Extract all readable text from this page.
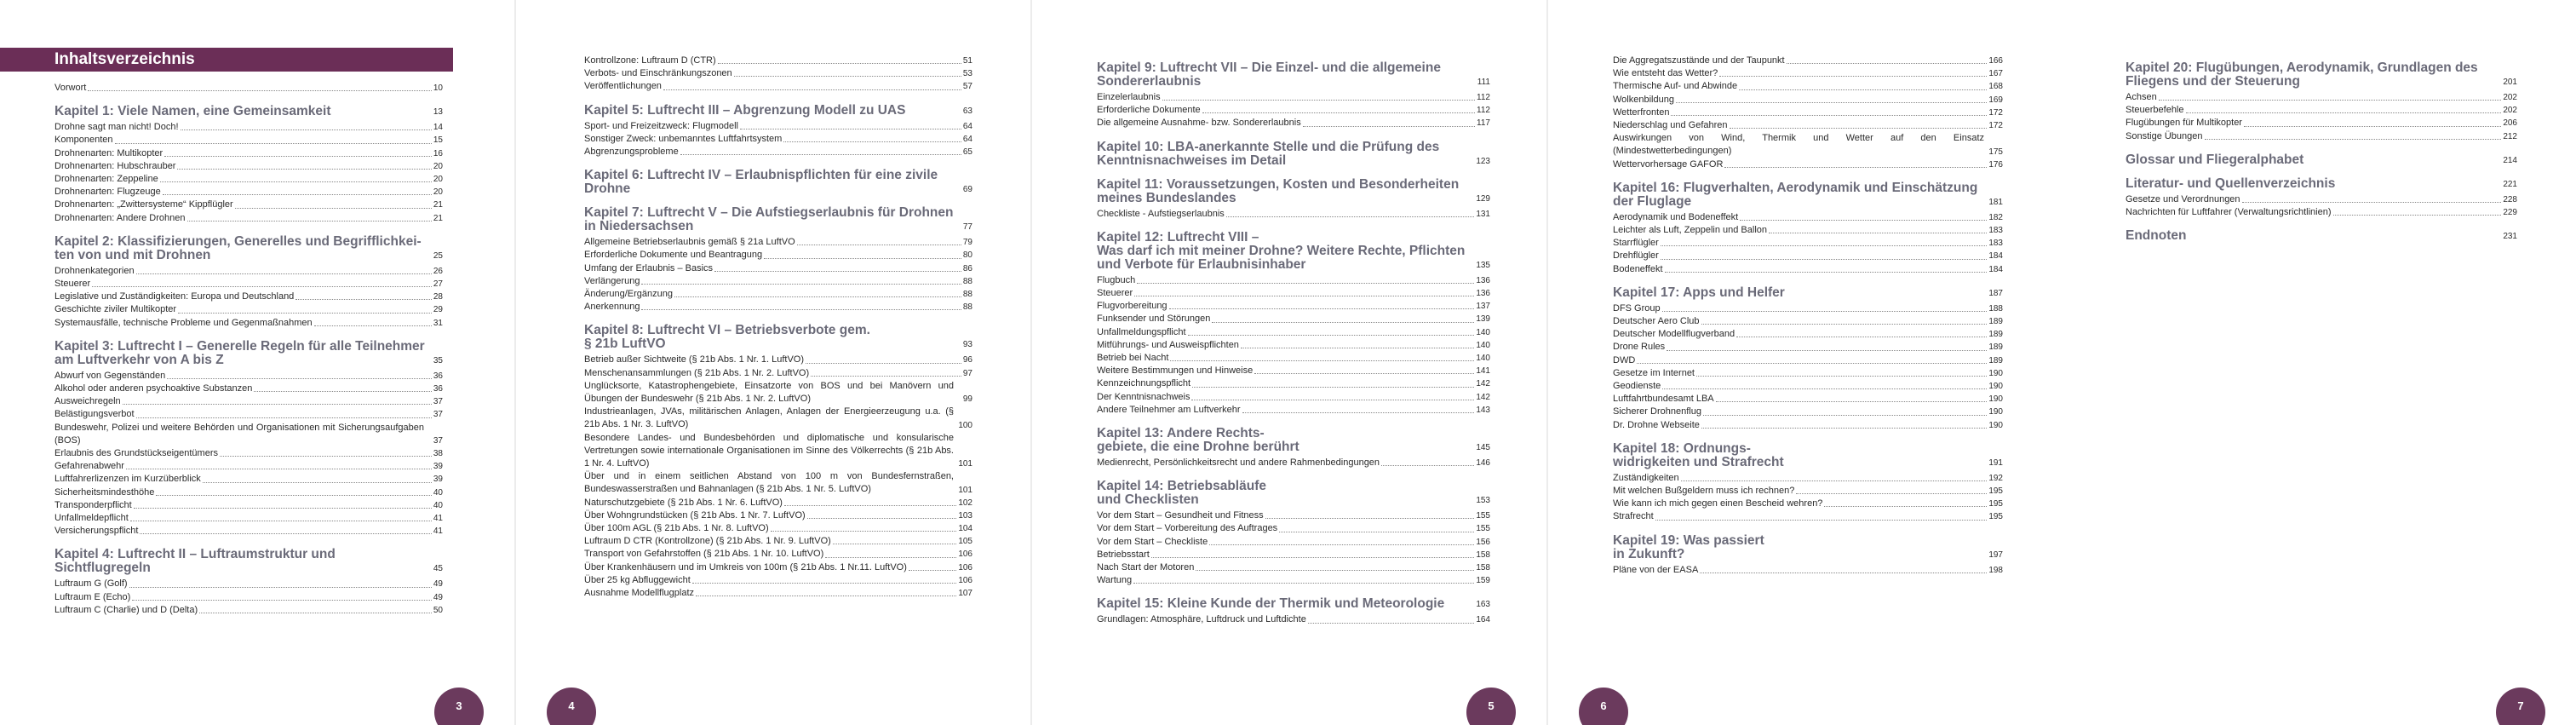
Inhaltsverzeichnis
Vorwort	10
Kapitel 1: Viele Namen, eine Gemeinsamkeit	13
Drohne sagt man nicht! Doch!	14
Komponenten	15
Drohnenarten: Multikopter	16
Drohnenarten: Hubschrauber	20
Drohnenarten: Zeppeline	20
Drohnenarten: Flugzeuge	20
Drohnenarten: „Zwittersysteme“ Kippflügler	21
Drohnenarten: Andere Drohnen	21
Kapitel 2: Klassifizierungen, Generelles und Begrifflichkei-
ten von und mit Drohnen	25
Drohnenkategorien	26
Steuerer	27
Legislative und Zuständigkeiten: Europa und Deutschland	28
Geschichte ziviler Multikopter	29
Systemausfälle, technische Probleme und Gegenmaßnahmen	31
Kapitel 3: Luftrecht I – Generelle Regeln für alle Teilnehmer
am Luftverkehr von A bis Z	35
Abwurf von Gegenständen	36
Alkohol oder anderen psychoaktive Substanzen	36
Ausweichregeln	37
Belästigungsverbot	37
Bundeswehr, Polizei und weitere Behörden und Organisationen mit Sicherungsaufgaben (BOS)	37
Erlaubnis des Grundstückseigentümers	38
Gefahrenabwehr	39
Luftfahrerlizenzen im Kurzüberblick	39
Sicherheitsmindesthöhe	40
Transponderpflicht	40
Unfallmeldepflicht	41
Versicherungspflicht	41
Kapitel 4: Luftrecht II – Luftraumstruktur und
Sichtflugregeln	45
Luftraum G (Golf)	49
Luftraum E (Echo)	49
Luftraum C (Charlie) und D (Delta)	50
3
Kontrollzone: Luftraum D (CTR)	51
Verbots- und Einschränkungszonen	53
Veröffentlichungen	57
Kapitel 5: Luftrecht III – Abgrenzung Modell zu UAS	63
Sport- und Freizeitzweck: Flugmodell	64
Sonstiger Zweck: unbemanntes Luftfahrtsystem	64
Abgrenzungsprobleme	65
Kapitel 6: Luftrecht IV – Erlaubnispflichten für eine zivile
Drohne	69
Kapitel 7: Luftrecht V – Die Aufstiegserlaubnis für Drohnen
in Niedersachsen	77
Allgemeine Betriebserlaubnis gemäß § 21a LuftVO	79
Erforderliche Dokumente und Beantragung	80
Umfang der Erlaubnis – Basics	86
Verlängerung	88
Änderung/Ergänzung	88
Anerkennung	88
Kapitel 8: Luftrecht VI – Betriebsverbote gem.
§ 21b LuftVO	93
Betrieb außer Sichtweite (§ 21b Abs. 1 Nr. 1. LuftVO)	96
Menschenansammlungen (§ 21b Abs. 1 Nr. 2. LuftVO)	97
Unglücksorte, Katastrophengebiete, Einsatzorte von BOS und bei Manövern und Übungen der Bundeswehr (§ 21b Abs. 1 Nr. 2. LuftVO)	99
Industrieanlagen, JVAs, militärischen Anlagen, Anlagen der Energieerzeugung u.a. (§ 21b Abs. 1 Nr. 3. LuftVO)	100
Besondere Landes- und Bundesbehörden und diplomatische und konsularische Vertretungen sowie internationale Organisationen im Sinne des Völkerrechts (§ 21b Abs. 1 Nr. 4. LuftVO)	101
Über und in einem seitlichen Abstand von 100 m von Bundesfernstraßen, Bundeswasserstraßen und Bahnanlagen (§ 21b Abs. 1 Nr. 5. LuftVO)	101
Naturschutzgebiete (§ 21b Abs. 1 Nr. 6. LuftVO)	102
Über Wohngrundstücken (§ 21b Abs. 1 Nr. 7. LuftVO)	103
Über 100m AGL (§ 21b Abs. 1 Nr. 8. LuftVO)	104
Luftraum D CTR (Kontrollzone) (§ 21b Abs. 1 Nr. 9. LuftVO)	105
Transport von Gefahrstoffen (§ 21b Abs. 1 Nr. 10. LuftVO)	106
Über Krankenhäusern und im Umkreis von 100m (§ 21b Abs. 1 Nr.11. LuftVO)	106
Über 25 kg Abfluggewicht	106
Ausnahme Modellflugplatz	107
4
Kapitel 9: Luftrecht VII – Die Einzel- und die allgemeine
Sondererlaubnis	111
Einzelerlaubnis	112
Erforderliche Dokumente	112
Die allgemeine Ausnahme- bzw. Sondererlaubnis	117
Kapitel 10: LBA-anerkannte Stelle und die Prüfung des
Kenntnisnachweises im Detail	123
Kapitel 11: Voraussetzungen, Kosten und Besonderheiten
meines Bundeslandes	129
Checkliste - Aufstiegserlaubnis	131
Kapitel 12: Luftrecht VIII –
Was darf ich mit meiner Drohne? Weitere Rechte, Pflichten
und Verbote für Erlaubnisinhaber	135
Flugbuch	136
Steuerer	136
Flugvorbereitung	137
Funksender und Störungen	139
Unfallmeldungspflicht	140
Mitführungs- und Ausweispflichten	140
Betrieb bei Nacht	140
Weitere Bestimmungen und Hinweise	141
Kennzeichnungspflicht	142
Der Kenntnisnachweis	142
Andere Teilnehmer am Luftverkehr	143
Kapitel 13: Andere Rechts-
gebiete, die eine Drohne berührt	145
Medienrecht, Persönlichkeitsrecht und andere Rahmenbedingungen	146
Kapitel 14: Betriebsabläufe
und Checklisten	153
Vor dem Start – Gesundheit und Fitness	155
Vor dem Start – Vorbereitung des Auftrages	155
Vor dem Start – Checkliste	156
Betriebsstart	158
Nach Start der Motoren	158
Wartung	159
Kapitel 15: Kleine Kunde der Thermik und Meteorologie	163
Grundlagen: Atmosphäre, Luftdruck und Luftdichte	164
5
Die Aggregatszustände und der Taupunkt	166
Wie entsteht das Wetter?	167
Thermische Auf- und Abwinde	168
Wolkenbildung	169
Wetterfronten	172
Niederschlag und Gefahren	172
Auswirkungen von Wind, Thermik und Wetter auf den Einsatz (Mindestwetterbedingungen)	175
Wettervorhersage GAFOR	176
Kapitel 16: Flugverhalten, Aerodynamik und Einschätzung
der Fluglage	181
Aerodynamik und Bodeneffekt	182
Leichter als Luft, Zeppelin und Ballon	183
Starrflügler	183
Drehflügler	184
Bodeneffekt	184
Kapitel 17: Apps und Helfer	187
DFS Group	188
Deutscher Aero Club	189
Deutscher Modellflugverband	189
Drone Rules	189
DWD	189
Gesetze im Internet	190
Geodienste	190
Luftfahrtbundesamt LBA	190
Sicherer Drohnenflug	190
Dr. Drohne Webseite	190
Kapitel 18: Ordnungs-
widrigkeiten und Strafrecht	191
Zuständigkeiten	192
Mit welchen Bußgeldern muss ich rechnen?	195
Wie kann ich mich gegen einen Bescheid wehren?	195
Strafrecht	195
Kapitel 19: Was passiert
in Zukunft?	197
Pläne von der EASA	198
6
Kapitel 20: Flugübungen, Aerodynamik, Grundlagen des
Fliegens und der Steuerung	201
Achsen	202
Steuerbefehle	202
Flugübungen für Multikopter	206
Sonstige Übungen	212
Glossar und Fliegeralphabet	214
Literatur- und Quellenverzeichnis	221
Gesetze und Verordnungen	228
Nachrichten für Luftfahrer (Verwaltungsrichtlinien)	229
Endnoten	231
7
